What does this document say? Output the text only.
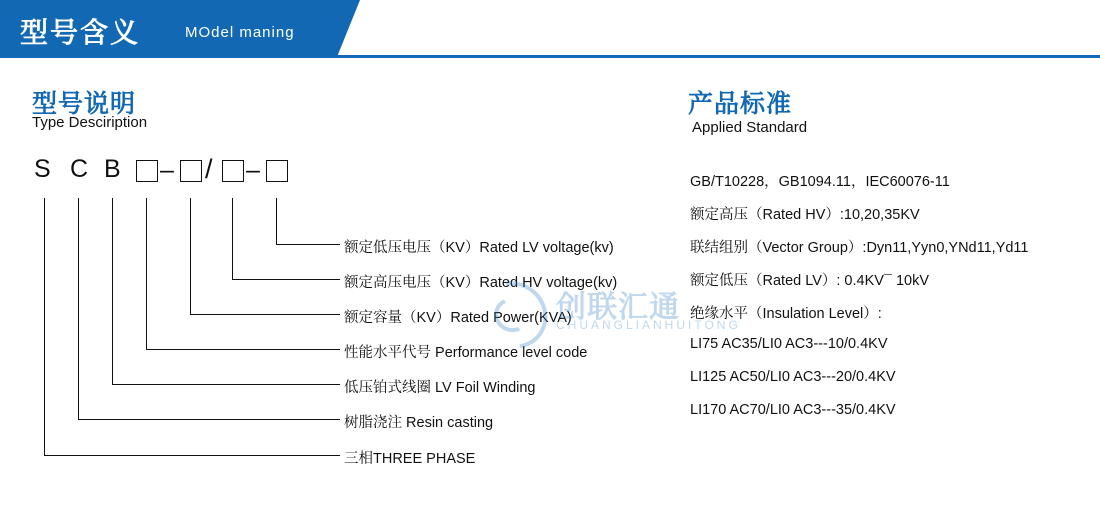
型号含义	MOdel maning
型号说明
Type Desciription
S C B – / –
额定低压电压（KV）Rated LV voltage(kv)
额定高压电压（KV）Rated HV voltage(kv)
额定容量（KV）Rated Power(KVA)
性能水平代号 Performance level code
低压铂式线圈 LV Foil Winding
树脂浇注 Resin casting
三相THREE PHASE
产品标准
Applied Standard
GB/T10228，GB1094.11，IEC60076-11
额定高压（Rated HV）:10,20,35KV
联结组别（Vector Group）:Dyn11,Yyn0,YNd11,Yd11
额定低压（Rated LV）: 0.4KV¯ 10kV
绝缘水平（Insulation Level）:
LI75 AC35/LI0 AC3---10/0.4KV
LI125 AC50/LI0 AC3---20/0.4KV
LI170 AC70/LI0 AC3---35/0.4KV
创联汇通
CHUANGLIANHUITONG
